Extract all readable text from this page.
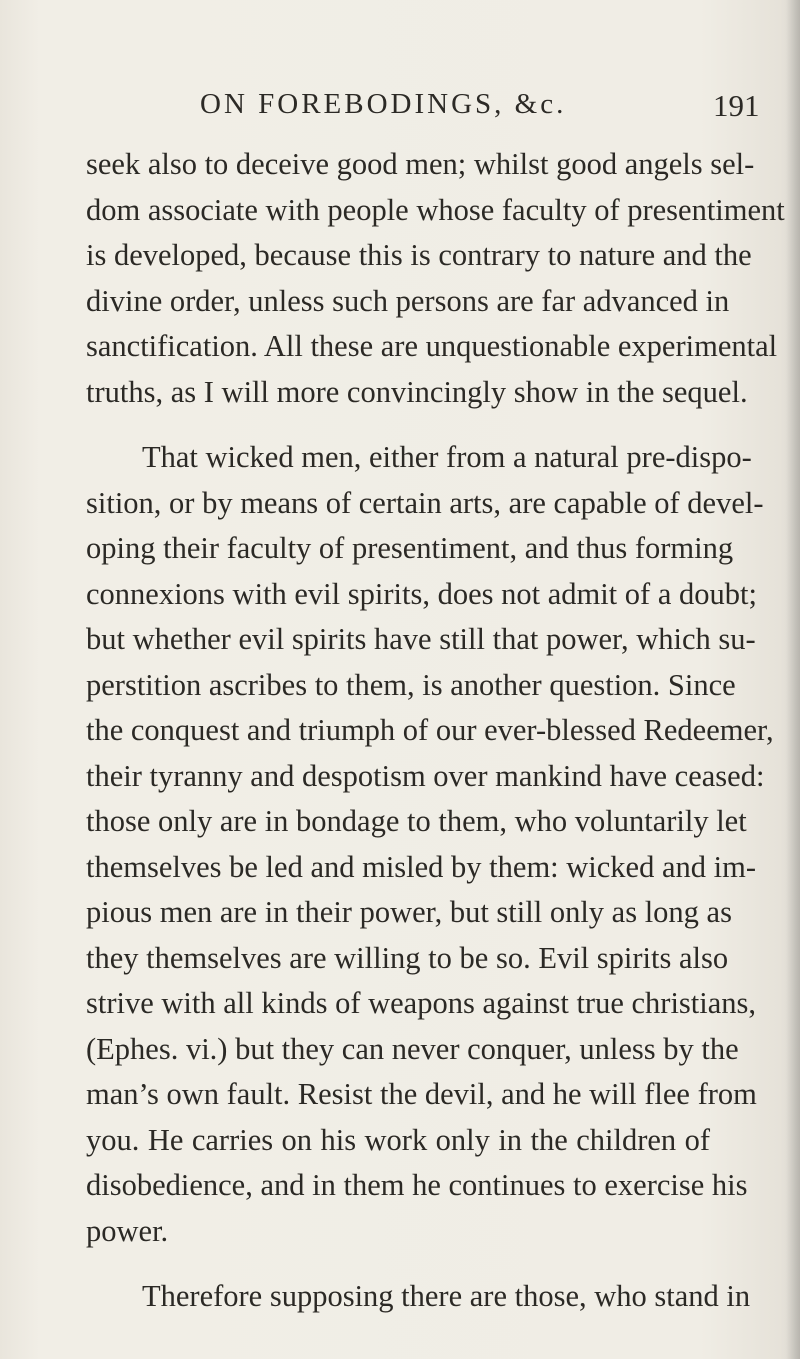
ON FOREBODINGS, &c.	191
seek also to deceive good men; whilst good angels sel-
dom associate with people whose faculty of presentiment
is developed, because this is contrary to nature and the
divine order, unless such persons are far advanced in
sanctification. All these are unquestionable experimental
truths, as I will more convincingly show in the sequel.
That wicked men, either from a natural pre-dispo-
sition, or by means of certain arts, are capable of devel-
oping their faculty of presentiment, and thus forming
connexions with evil spirits, does not admit of a doubt;
but whether evil spirits have still that power, which su-
perstition ascribes to them, is another question. Since
the conquest and triumph of our ever-blessed Redeemer,
their tyranny and despotism over mankind have ceased:
those only are in bondage to them, who voluntarily let
themselves be led and misled by them: wicked and im-
pious men are in their power, but still only as long as
they themselves are willing to be so. Evil spirits also
strive with all kinds of weapons against true christians,
(Ephes. vi.) but they can never conquer, unless by the
man’s own fault. Resist the devil, and he will flee from
you. He carries on his work only in the children of
disobedience, and in them he continues to exercise his
power.
Therefore supposing there are those, who stand in
